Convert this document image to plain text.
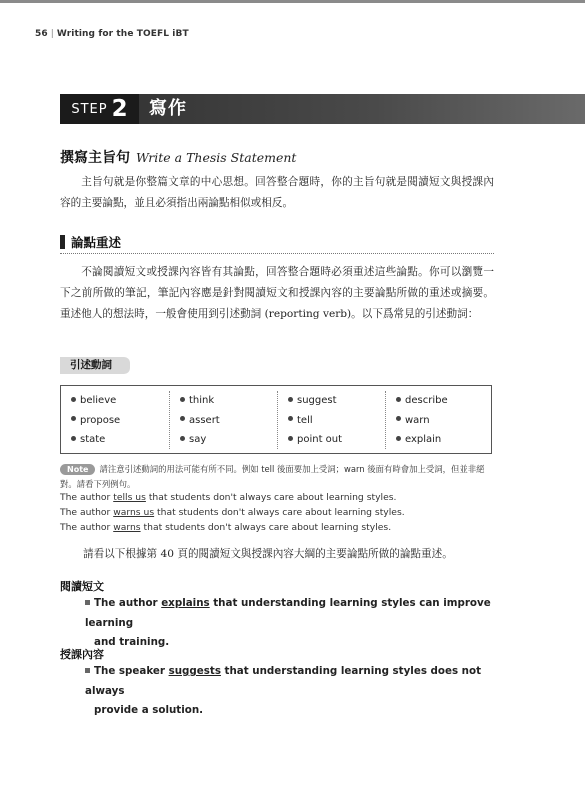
56 | Writing for the TOEFL iBT
STEP 2 寫作
撰寫主旨句 Write a Thesis Statement
主旨句就是你整篇文章的中心思想。回答整合題時，你的主旨句就是閱讀短文與授課內容的主要論點，並且必須指出兩論點相似或相反。
論點重述
不論閱讀短文或授課內容皆有其論點，回答整合題時必須重述這些論點。你可以瀏覽一下之前所做的筆記，筆記內容應是針對閱讀短文和授課內容的主要論點所做的重述或摘要。重述他人的想法時，一般會使用到引述動詞 (reporting verb)。以下爲常見的引述動詞：
引述動詞
believe
propose
state
think
assert
say
suggest
tell
point out
describe
warn
explain
Note 請注意引述動詞的用法可能有所不同。例如 tell 後面要加上受詞；warn 後面有時會加上受詞，但並非絕對。請看下列例句。
The author tells us that students don't always care about learning styles.
The author warns us that students don't always care about learning styles.
The author warns that students don't always care about learning styles.
請看以下根據第 40 頁的閱讀短文與授課內容大綱的主要論點所做的論點重述。
閱讀短文
The author explains that understanding learning styles can improve learning
and training.
授課內容
The speaker suggests that understanding learning styles does not always
provide a solution.
